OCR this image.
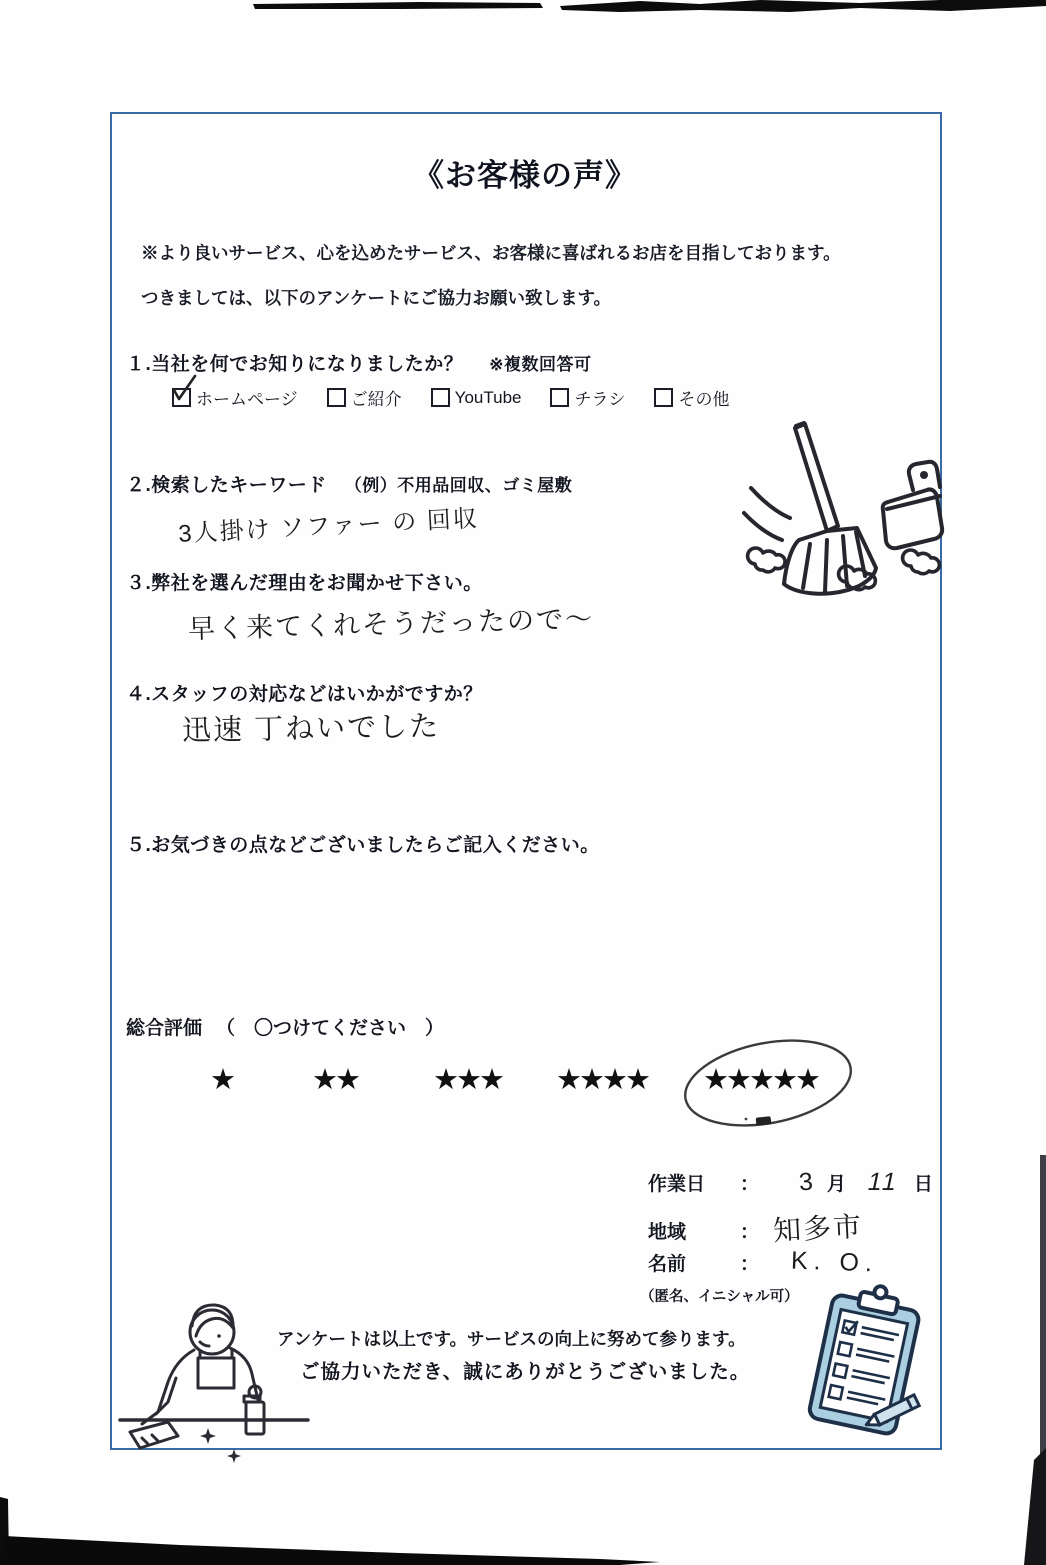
《お客様の声》
※より良いサービス、心を込めたサービス、お客様に喜ばれるお店を目指しております。
つきましては、以下のアンケートにご協力お願い致します。
１.当社を何でお知りになりましたか？ ※複数回答可
ホームページ	ご紹介	YouTube	チラシ	その他
２.検索したキーワード （例）不用品回収、ゴミ屋敷
3人掛け ソファー の 回収
３.弊社を選んだ理由をお聞かせ下さい。
早く来てくれそうだったので〜
４.スタッフの対応などはいかがですか？
迅速 丁ねいでした
５.お気づきの点などございましたらご記入ください。
総合評価 （　〇つけてください　）
★	★★	★★★ ★★★★ ★★★★★
作業日	： 3 月 11 日
地域	： 知多市
名前	： K. O.
（匿名、イニシャル可）
アンケートは以上です。サービスの向上に努めて参ります。
ご協力いただき、誠にありがとうございました。
